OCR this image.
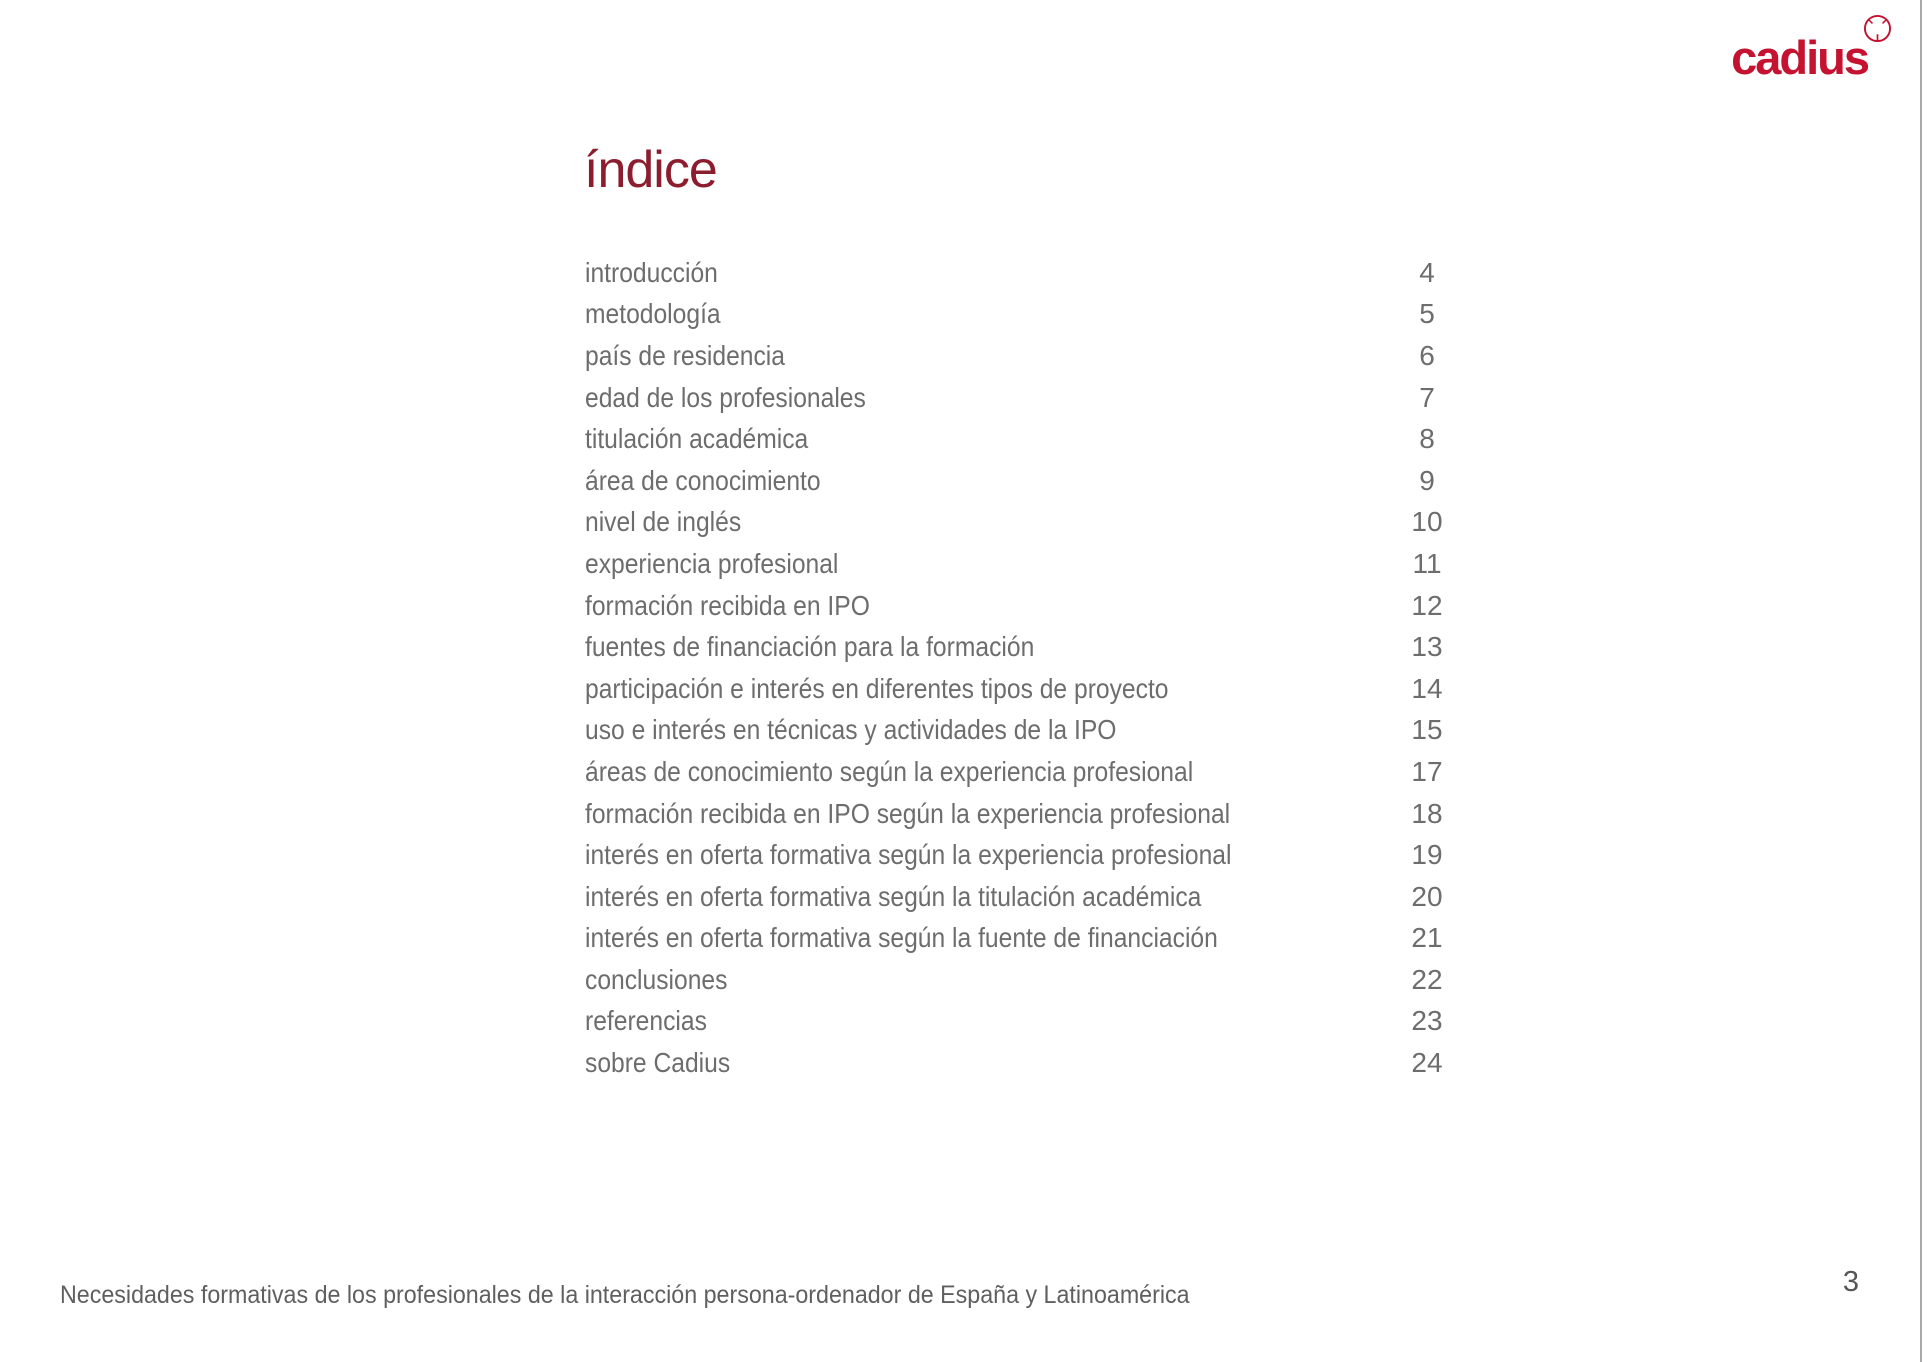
cadius
índice
introducción	4
metodología	5
país de residencia	6
edad de los profesionales	7
titulación académica	8
área de conocimiento	9
nivel de inglés	10
experiencia profesional	11
formación recibida en IPO	12
fuentes de financiación para la formación	13
participación e interés en diferentes tipos de proyecto	14
uso e interés en técnicas y actividades de la IPO	15
áreas de conocimiento según la experiencia profesional	17
formación recibida en IPO según la experiencia profesional	18
interés en oferta formativa según la experiencia profesional	19
interés en oferta formativa según la titulación académica	20
interés en oferta formativa según la fuente de financiación	21
conclusiones	22
referencias	23
sobre Cadius	24
Necesidades formativas de los profesionales de la interacción persona-ordenador de España y Latinoamérica	3
